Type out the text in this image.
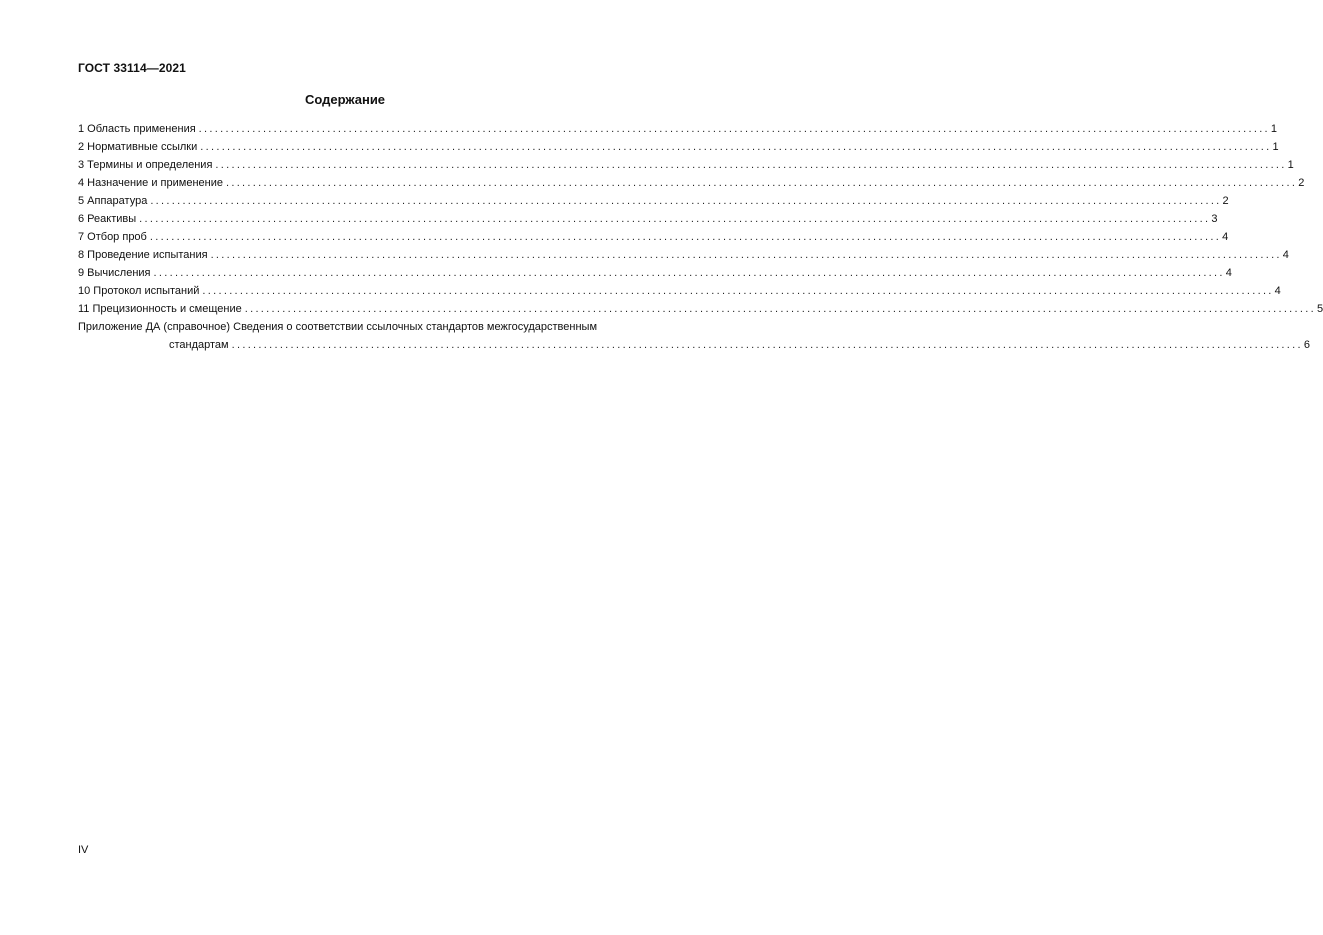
ГОСТ 33114—2021
Содержание
1 Область применения ........................................................................................................................................................................................................ 1
2 Нормативные ссылки ........................................................................................................................................................................................................ 1
3 Термины и определения ........................................................................................................................................................................................................ 1
4 Назначение и применение ........................................................................................................................................................................................................ 2
5 Аппаратура ........................................................................................................................................................................................................ 2
6 Реактивы ........................................................................................................................................................................................................ 3
7 Отбор проб ........................................................................................................................................................................................................ 4
8 Проведение испытания ........................................................................................................................................................................................................ 4
9 Вычисления ........................................................................................................................................................................................................ 4
10 Протокол испытаний ........................................................................................................................................................................................................ 4
11 Прецизионность и смещение ........................................................................................................................................................................................................ 5
Приложение ДА (справочное) Сведения о соответствии ссылочных стандартов межгосударственным
стандартам ........................................................................................................................................................................................................ 6
IV
